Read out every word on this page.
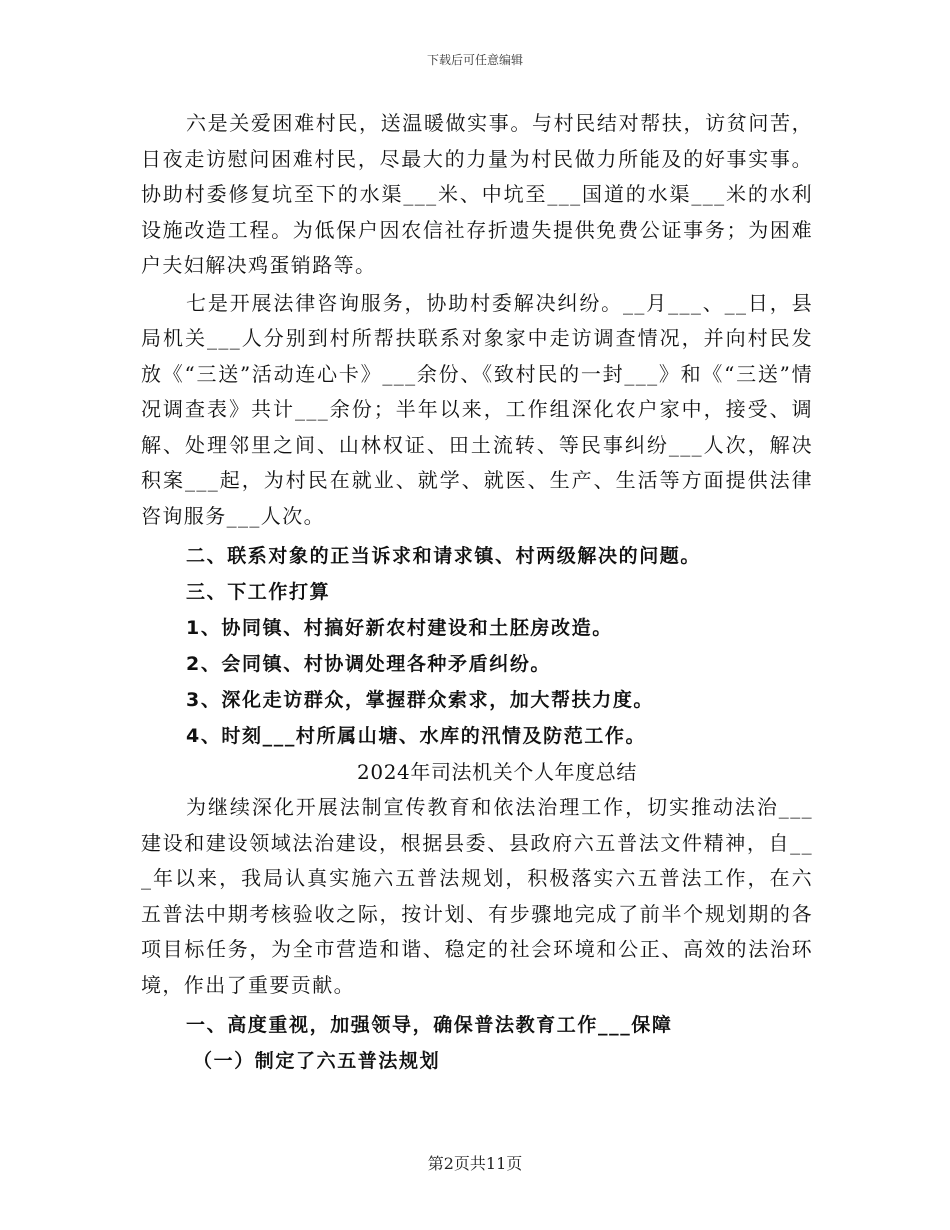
下载后可任意编辑

六是关爱困难村民，送温暖做实事。与村民结对帮扶，访贫问苦，日夜走访慰问困难村民，尽最大的力量为村民做力所能及的好事实事。协助村委修复坑至下的水渠___米、中坑至___国道的水渠___米的水利设施改造工程。为低保户因农信社存折遗失提供免费公证事务；为困难户夫妇解决鸡蛋销路等。

七是开展法律咨询服务，协助村委解决纠纷。__月___、__日，县局机关___人分别到村所帮扶联系对象家中走访调查情况，并向村民发放《“三送”活动连心卡》___余份、《致村民的一封___》和《“三送”情况调查表》共计___余份；半年以来，工作组深化农户家中，接受、调解、处理邻里之间、山林权证、田土流转、等民事纠纷___人次，解决积案___起，为村民在就业、就学、就医、生产、生活等方面提供法律咨询服务___人次。

二、联系对象的正当诉求和请求镇、村两级解决的问题。

三、下工作打算

1、协同镇、村搞好新农村建设和土胚房改造。

2、会同镇、村协调处理各种矛盾纠纷。

3、深化走访群众，掌握群众索求，加大帮扶力度。

4、时刻___村所属山塘、水库的汛情及防范工作。

2024年司法机关个人年度总结

为继续深化开展法制宣传教育和依法治理工作，切实推动法治___建设和建设领域法治建设，根据县委、县政府六五普法文件精神，自___年以来，我局认真实施六五普法规划，积极落实六五普法工作，在六五普法中期考核验收之际，按计划、有步骤地完成了前半个规划期的各项目标任务，为全市营造和谐、稳定的社会环境和公正、高效的法治环境，作出了重要贡献。

一、高度重视，加强领导，确保普法教育工作___保障

（一）制定了六五普法规划

第2页共11页
